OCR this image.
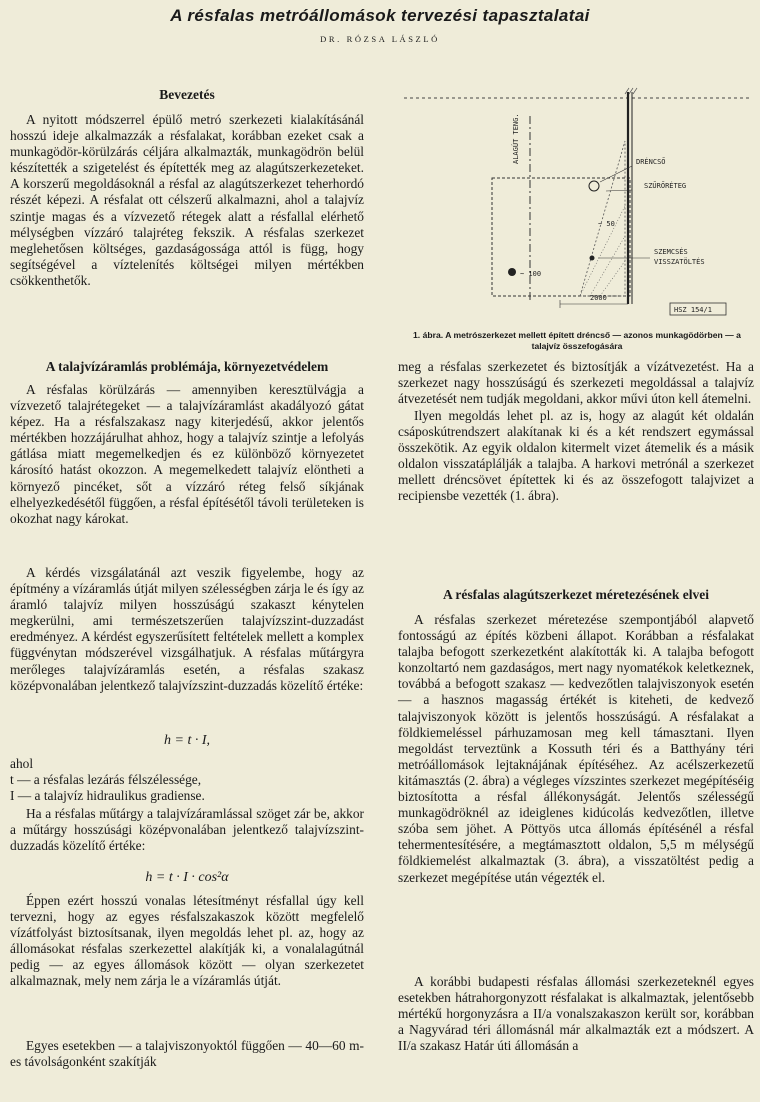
A résfalas metróállomások tervezési tapasztalatai
DR. RÓZSA LÁSZLÓ
Bevezetés

A nyitott módszerrel épülő metró szerkezeti kialakításánál hosszú ideje alkalmazzák a résfalakat, korábban ezeket csak a munkagödör-körülzárás céljára alkalmazták, munkagödrön belül készítették a szigetelést és építették meg az alagútszerkezeteket. A korszerű megoldásoknál a résfal az alagútszerkezet teherhordó részét képezi. A résfalat ott célszerű alkalmazni, ahol a talajvíz szintje magas és a vízvezető rétegek alatt a résfallal elérhető mélységben vízzáró talajréteg fekszik. A résfalas szerkezet meglehetősen költséges, gazdaságossága attól is függ, hogy segítségével a víztelenítés költségei milyen mértékben csökkenthetők.

A talajvízáramlás problémája, környezetvédelem

A résfalas körülzárás — amennyiben keresztülvágja a vízvezető talajrétegeket — a talajvízáramlást akadályozó gátat képez. Ha a résfalszakasz nagy kiterjedésű, akkor jelentős mértékben hozzájárulhat ahhoz, hogy a talajvíz szintje a lefolyás gátlása miatt megemelkedjen és ez különböző környezetet károsító hatást okozzon. A megemelkedett talajvíz elöntheti a környező pincéket, sőt a vízzáró réteg felső síkjának elhelyezkedésétől függően, a résfal építésétől távoli területeken is okozhat nagy károkat.

A kérdés vizsgálatánál azt veszik figyelembe, hogy az építmény a vízáramlás útját milyen szélességben zárja le és így az áramló talajvíz milyen hosszúságú szakaszt kénytelen megkerülni, ami természetszerűen talajvízszint-duzzadást eredményez. A kérdést egyszerűsített feltételek mellett a komplex függvénytan módszerével vizsgálhatjuk. A résfalas műtárgyra merőleges talajvízáramlás esetén, a résfalas szakasz középvonalában jelentkező talajvízszint-duzzadás közelítő értéke:

h = t · I,

ahol

t — a résfalas lezárás félszélessége,

I — a talajvíz hidraulikus gradiense.

Ha a résfalas műtárgy a talajvízáramlással szöget zár be, akkor a műtárgy hosszúsági középvonalában jelentkező talajvízszint-duzzadás közelítő értéke:

h = t · I · cos²α

Éppen ezért hosszú vonalas létesítményt résfallal úgy kell tervezni, hogy az egyes résfalszakaszok között megfelelő vízátfolyást biztosítsanak, ilyen megoldás lehet pl. az, hogy az állomásokat résfalas szerkezettel alakítják ki, a vonalalagútnál pedig — az egyes állomások között — olyan szerkezetet alkalmaznak, mely nem zárja le a vízáramlás útját.

Egyes esetekben — a talajviszonyoktól függően — 40—60 m-es távolságonként szakítják

ALAGÚT TENG.	DRÉNCSŐ
SZŰRŐRÉTEG
SZEMCSÉS
VISSZATÖLTÉS
~ 50
2000
~ 100
HSZ 154/1
1. ábra. A metrószerkezet mellett épített dréncső — azonos munkagödörben — a talajvíz összefogására

meg a résfalas szerkezetet és biztosítják a vízátvezetést. Ha a szerkezet nagy hosszúságú és szerkezeti megoldással a talajvíz átvezetését nem tudják megoldani, akkor művi úton kell átemelni.

Ilyen megoldás lehet pl. az is, hogy az alagút két oldalán csáposkútrendszert alakítanak ki és a két rendszert egymással összekötik. Az egyik oldalon kitermelt vizet átemelik és a másik oldalon visszatáplálják a talajba. A harkovi metrónál a szerkezet mellett dréncsövet építettek ki és az összefogott talajvizet a recipiensbe vezették (1. ábra).

A résfalas alagútszerkezet méretezésének elvei

A résfalas szerkezet méretezése szempontjából alapvető fontosságú az építés közbeni állapot. Korábban a résfalakat talajba befogott szerkezetként alakították ki. A talajba befogott konzoltartó nem gazdaságos, mert nagy nyomatékok keletkeznek, továbbá a befogott szakasz — kedvezőtlen talajviszonyok esetén — a hasznos magasság értékét is kiteheti, de kedvező talajviszonyok között is jelentős hosszúságú. A résfalakat a földkiemeléssel párhuzamosan meg kell támasztani. Ilyen megoldást terveztünk a Kossuth téri és a Batthyány téri metróállomások lejtaknájának építéséhez. Az acélszerkezetű kitámasztás (2. ábra) a végleges vízszintes szerkezet megépítéséig biztosította a résfal állékonyságát. Jelentős szélességű munkagödröknél az ideiglenes kidúcolás kedvezőtlen, illetve szóba sem jöhet. A Pöttyös utca állomás építésénél a résfal tehermentesítésére, a megtámasztott oldalon, 5,5 m mélységű földkiemelést alkalmaztak (3. ábra), a visszatöltést pedig a szerkezet megépítése után végezték el.

A korábbi budapesti résfalas állomási szerkezeteknél egyes esetekben hátrahorgonyzott résfalakat is alkalmaztak, jelentősebb mértékű horgonyzásra a II/a vonalszakaszon került sor, korábban a Nagyvárad téri állomásnál már alkalmazták ezt a módszert. A II/a szakasz Határ úti állomásán a
